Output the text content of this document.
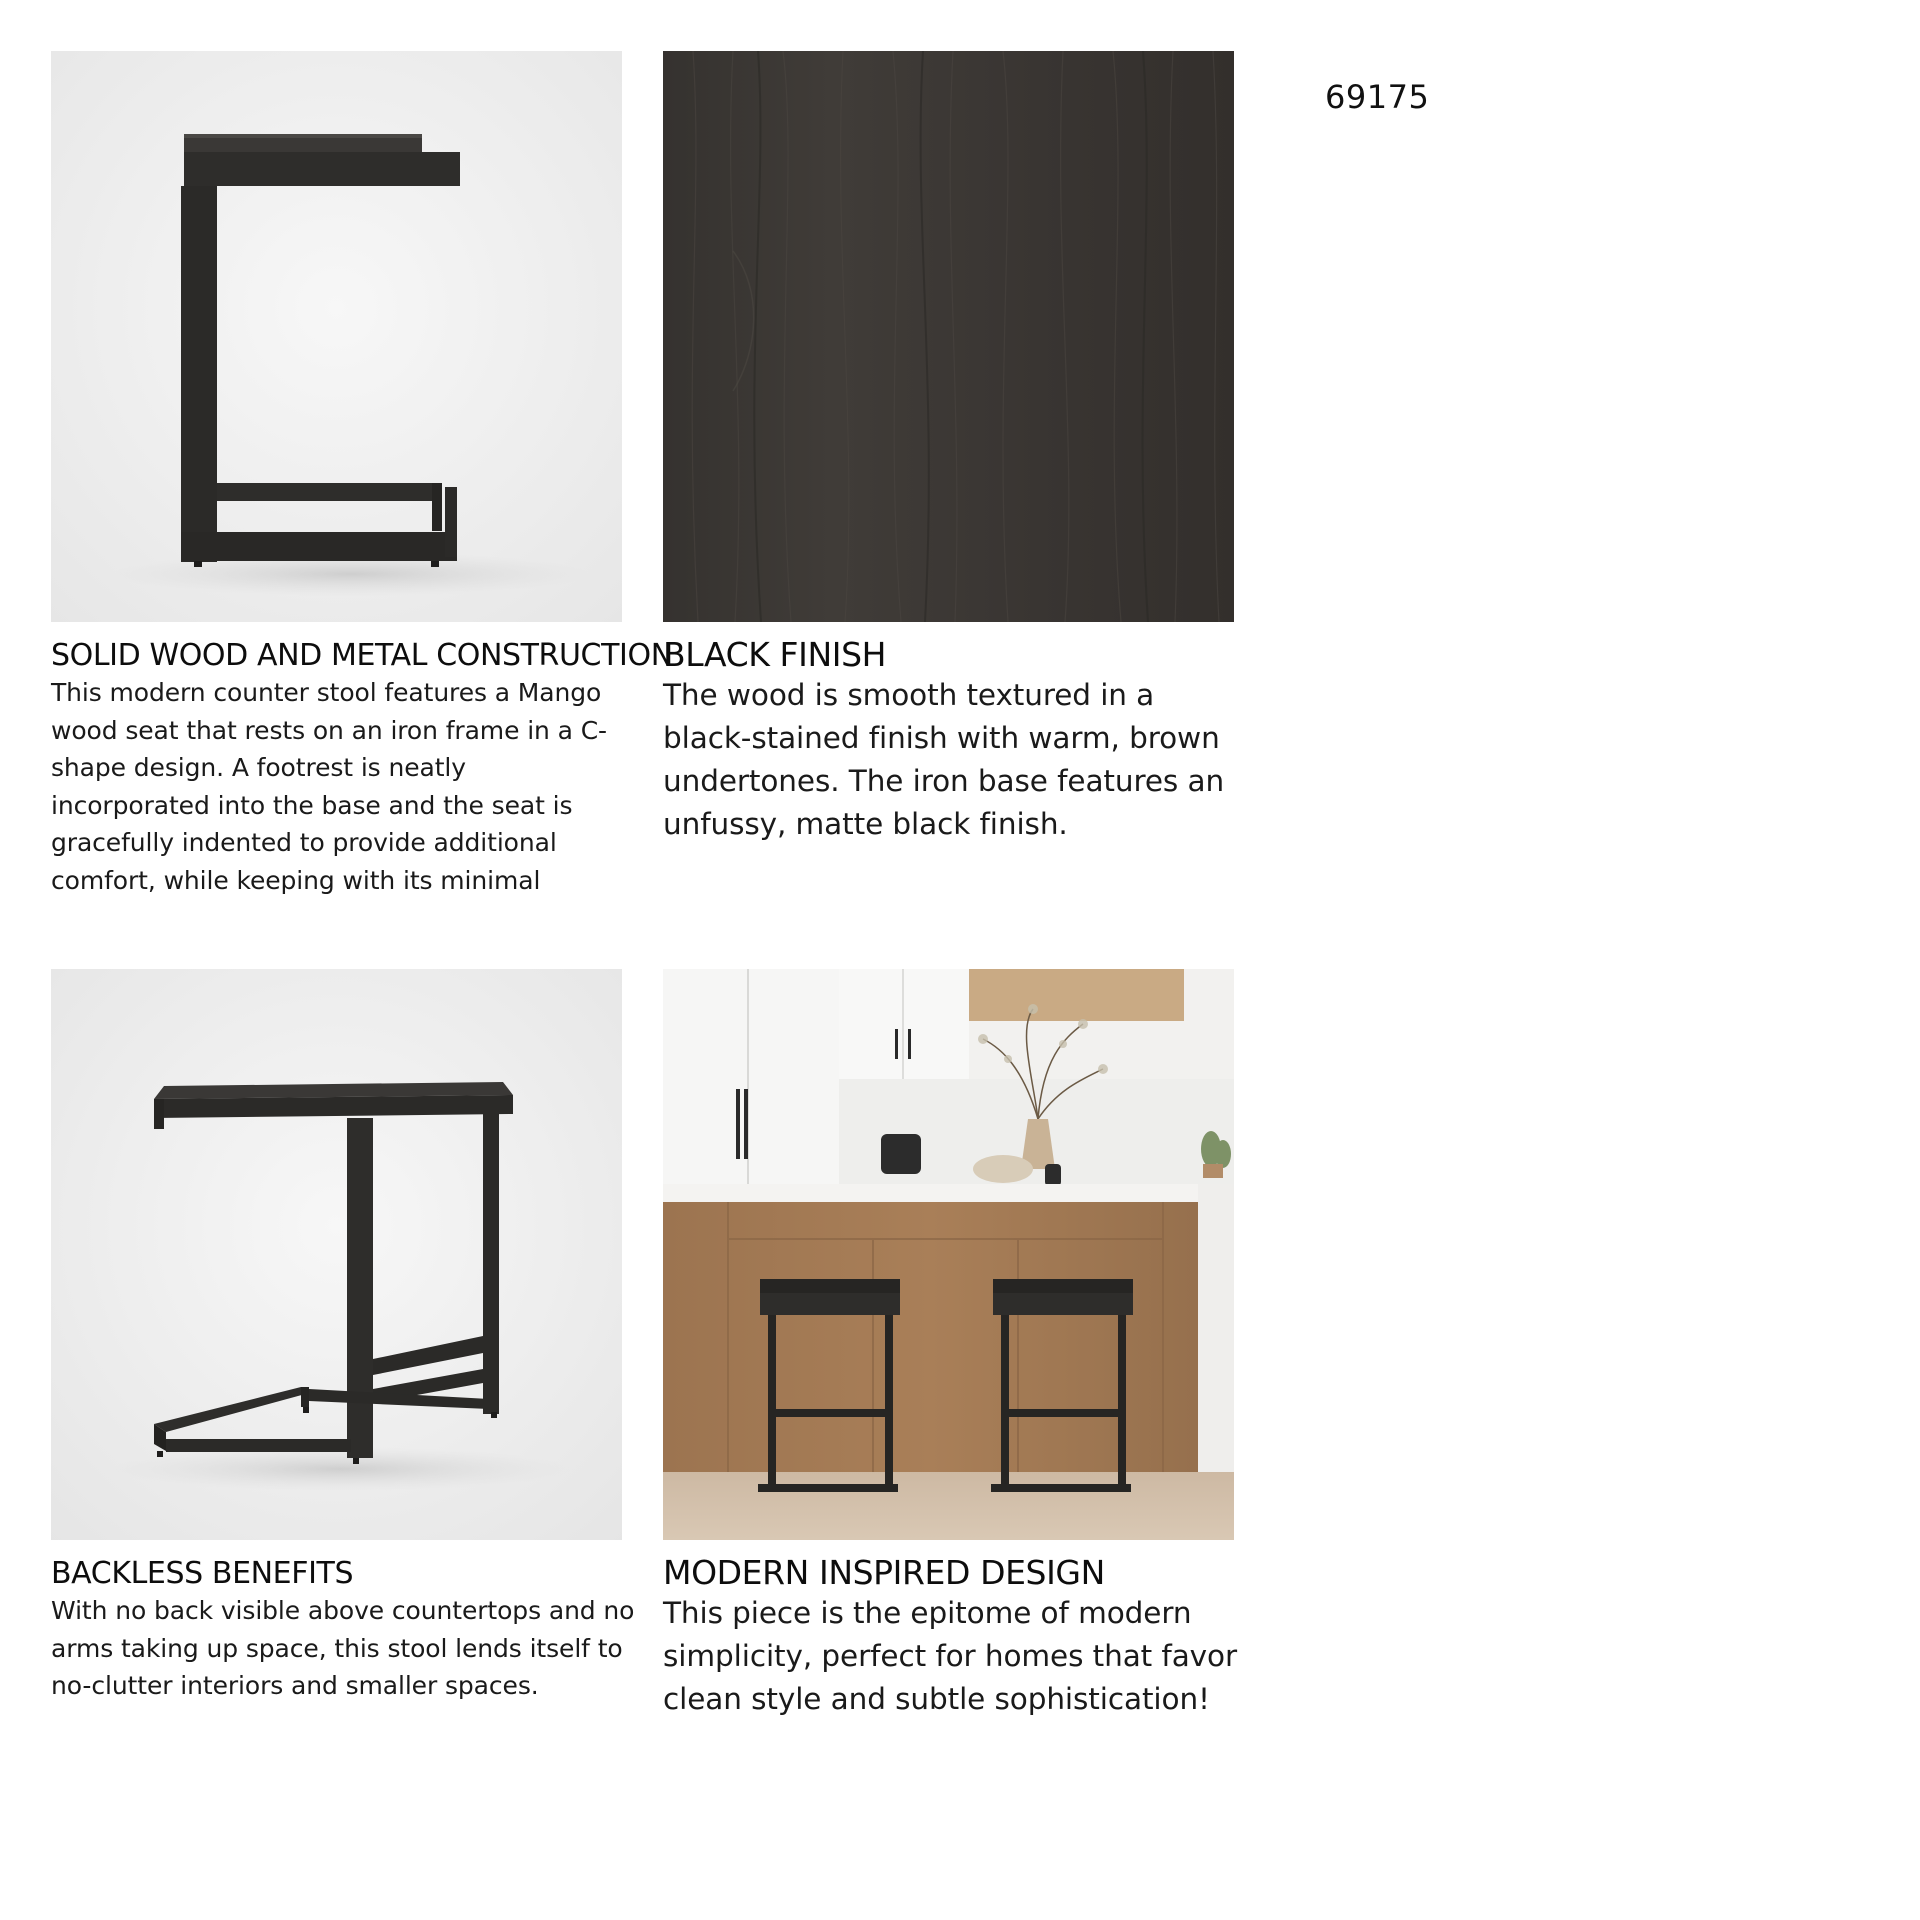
69175
SOLID WOOD AND METAL CONSTRUCTION

This modern counter stool features a Mango wood seat that rests on an iron frame in a C-shape design. A footrest is neatly incorporated into the base and the seat is gracefully indented to provide additional comfort, while keeping with its minimal

BLACK FINISH

The wood is smooth textured in a black-stained finish with warm, brown undertones. The iron base features an unfussy, matte black finish.

BACKLESS BENEFITS

With no back visible above countertops and no arms taking up space, this stool lends itself to no-clutter interiors and smaller spaces.

MODERN INSPIRED DESIGN

This piece is the epitome of modern simplicity, perfect for homes that favor clean style and subtle sophistication!
